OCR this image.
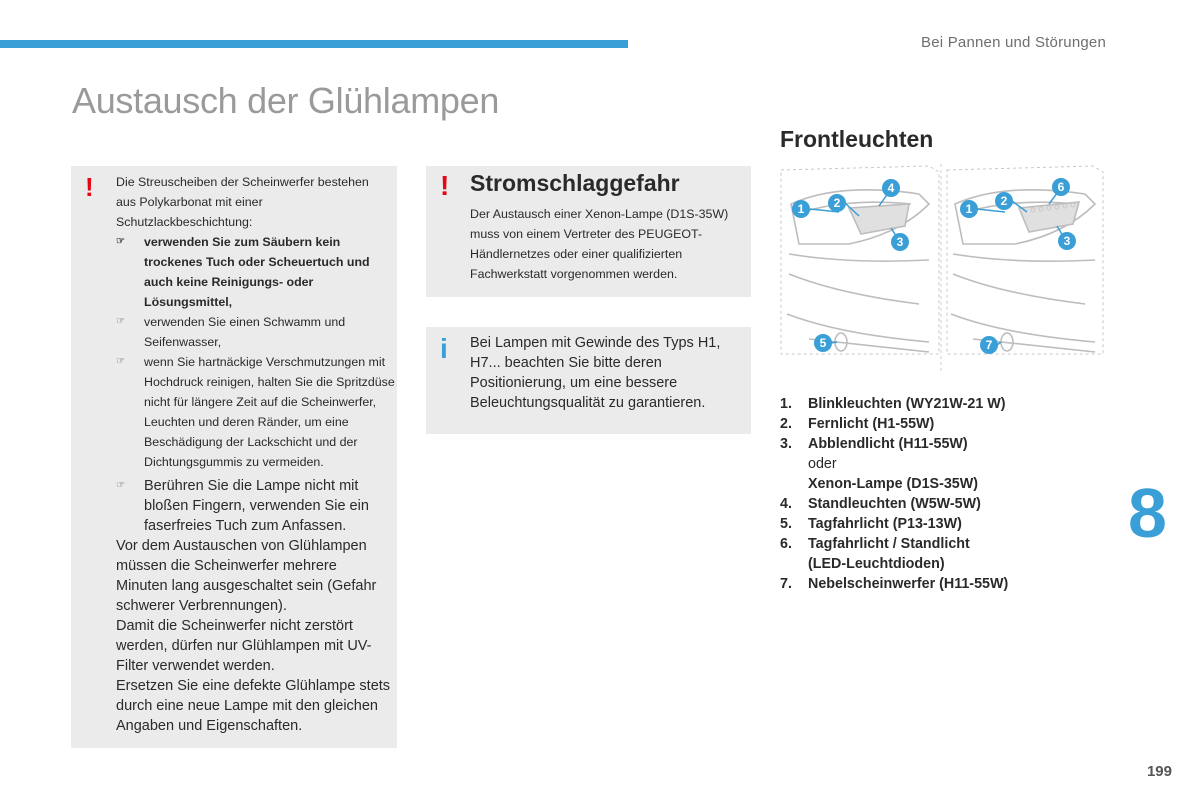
Bei Pannen und Störungen
Austausch der Glühlampen
! Die Streuscheiben der Scheinwerfer bestehen aus Polykarbonat mit einer Schutzlackbeschichtung:
☞ verwenden Sie zum Säubern kein trockenes Tuch oder Scheuertuch und auch keine Reinigungs- oder Lösungsmittel,
☞ verwenden Sie einen Schwamm und Seifenwasser,
☞ wenn Sie hartnäckige Verschmutzungen mit Hochdruck reinigen, halten Sie die Spritzdüse nicht für längere Zeit auf die Scheinwerfer, Leuchten und deren Ränder, um eine Beschädigung der Lackschicht und der Dichtungsgummis zu vermeiden.
☞ Berühren Sie die Lampe nicht mit bloßen Fingern, verwenden Sie ein faserfreies Tuch zum Anfassen.

Vor dem Austauschen von Glühlampen müssen die Scheinwerfer mehrere Minuten lang ausgeschaltet sein (Gefahr schwerer Verbrennungen).

Damit die Scheinwerfer nicht zerstört werden, dürfen nur Glühlampen mit UV-Filter verwendet werden.

Ersetzen Sie eine defekte Glühlampe stets durch eine neue Lampe mit den gleichen Angaben und Eigenschaften.

! Stromschlaggefahr
Der Austausch einer Xenon-Lampe (D1S-35W) muss von einem Vertreter des PEUGEOT-Händlernetzes oder einer qualifizierten Fachwerkstatt vorgenommen werden.
i Bei Lampen mit Gewinde des Typs H1, H7... beachten Sie bitte deren Positionierung, um eine bessere Beleuchtungsqualität zu garantieren.
Frontleuchten
1 2
3
4
5
1
2
3
6
7
1. Blinkleuchten (WY21W-21 W)
2. Fernlicht (H1-55W)
3. Abblendlicht (H11-55W)
oder
Xenon-Lampe (D1S-35W)
4. Standleuchten (W5W-5W)
5. Tagfahrlicht (P13-13W)
6. Tagfahrlicht / Standlicht
(LED-Leuchtdioden)
7. Nebelscheinwerfer (H11-55W)
8
199
